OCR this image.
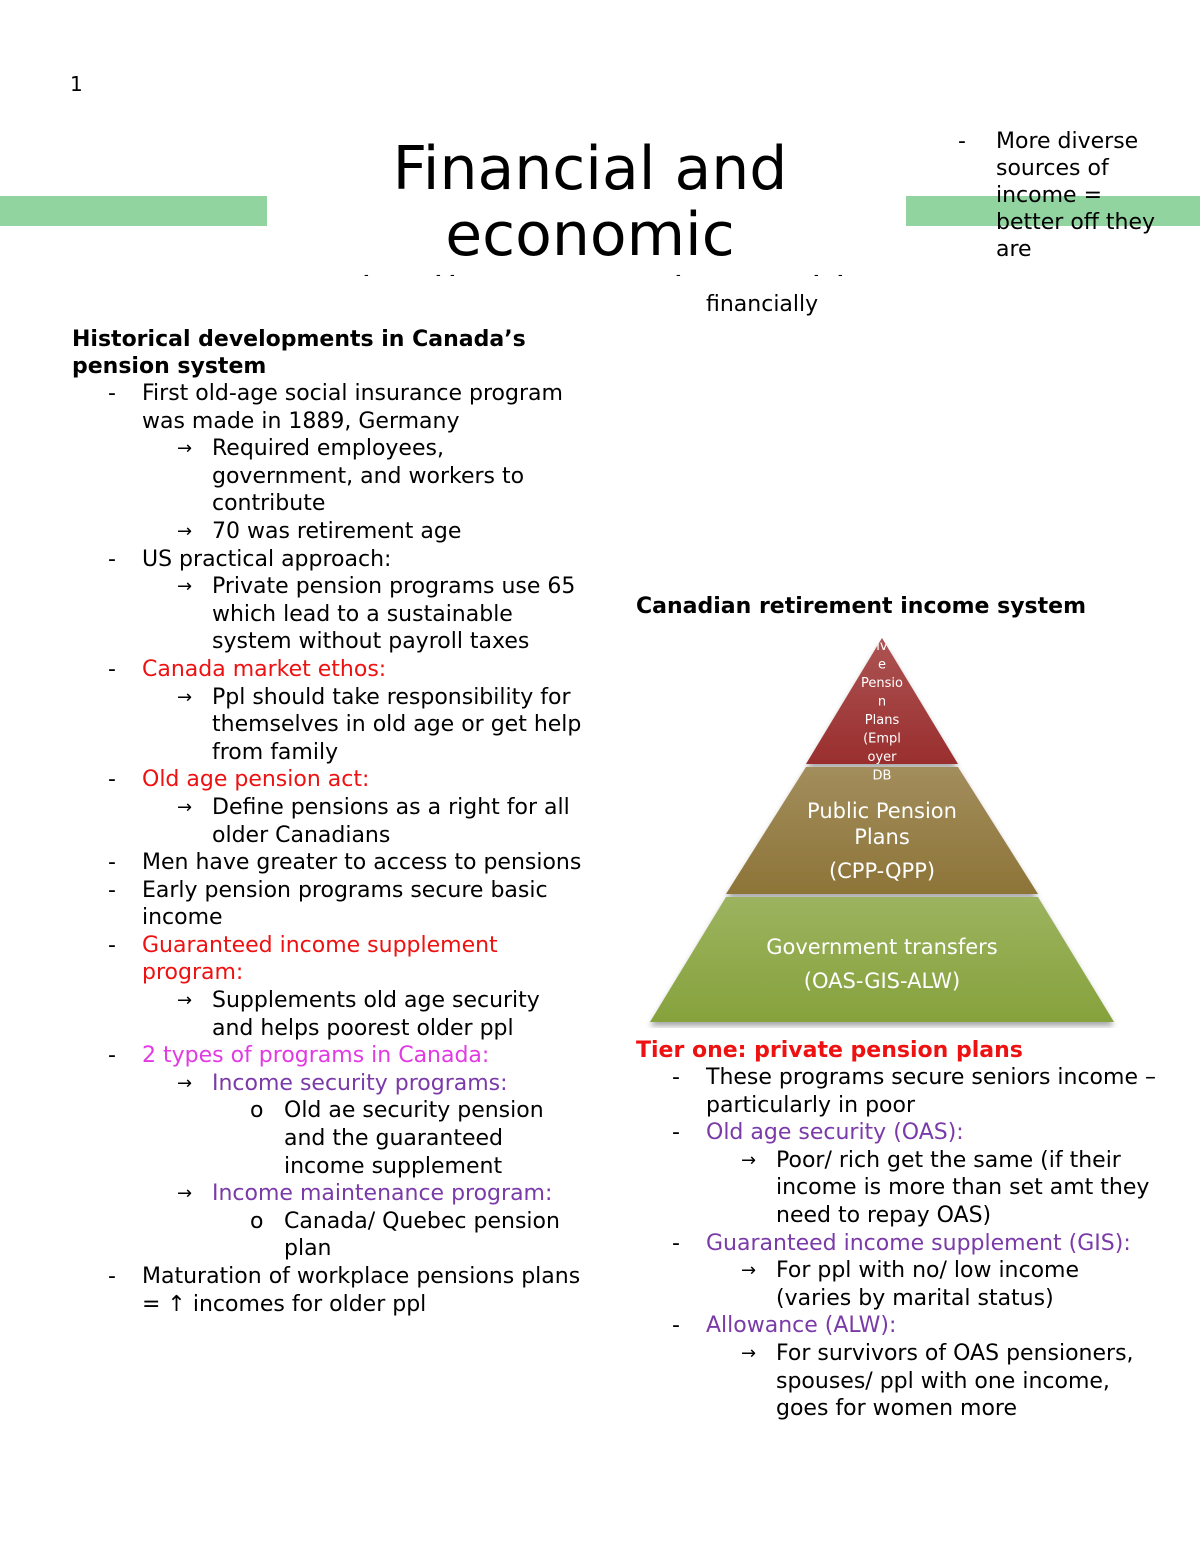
1
Financial and economic
-	- -	-	- -
financially
- More diverse sources of income = better off they are
Historical developments in Canada’s pension system
- First old-age social insurance program was made in 1889, Germany
→ Required employees, government, and workers to contribute
→ 70 was retirement age
- US practical approach:
→ Private pension programs use 65 which lead to a sustainable system without payroll taxes
- Canada market ethos:
→ Ppl should take responsibility for themselves in old age or get help from family
- Old age pension act:
→ Define pensions as a right for all older Canadians
- Men have greater to access to pensions
- Early pension programs secure basic income
- Guaranteed income supplement program:
→ Supplements old age security and helps poorest older ppl
- 2 types of programs in Canada:
→ Income security programs:
o Old ae security pension and the guaranteed income supplement
→ Income maintenance program:
o Canada/ Quebec pension plan
- Maturation of workplace pensions plans = ↑ incomes for older ppl
Canadian retirement income system
Privat
e
Pensio
n
Plans
(Empl
oyer
DB
Public Pension
Plans
(CPP-QPP)
Government transfers
(OAS-GIS-ALW)
Tier one: private pension plans
- These programs secure seniors income – particularly in poor
- Old age security (OAS):
→ Poor/ rich get the same (if their income is more than set amt they need to repay OAS)
- Guaranteed income supplement (GIS):
→ For ppl with no/ low income (varies by marital status)
- Allowance (ALW):
→ For survivors of OAS pensioners, spouses/ ppl with one income, goes for women more
